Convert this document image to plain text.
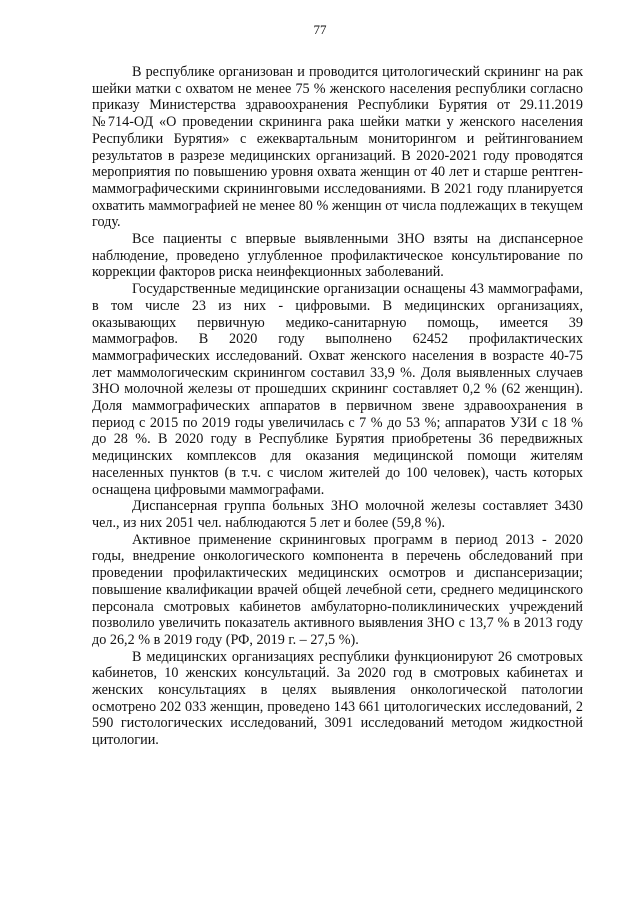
77

В республике организован и проводится цитологический скрининг на рак шейки матки с охватом не менее 75 % женского населения республики согласно приказу Министерства здравоохранения Республики Бурятия от 29.11.2019 №714-ОД «О проведении скрининга рака шейки матки у женского населения Республики Бурятия» с ежеквартальным мониторингом и рейтингованием результатов в разрезе медицинских организаций. В 2020-2021 году проводятся мероприятия по повышению уровня охвата женщин от 40 лет и старше рентген-маммографическими скрининговыми исследованиями. В 2021 году планируется охватить маммографией не менее 80 % женщин от числа подлежащих в текущем году.

Все пациенты с впервые выявленными ЗНО взяты на диспансерное наблюдение, проведено углубленное профилактическое консультирование по коррекции факторов риска неинфекционных заболеваний.

Государственные медицинские организации оснащены 43 маммографами, в том числе 23 из них - цифровыми. В медицинских организациях, оказывающих первичную медико-санитарную помощь, имеется 39 маммографов. В 2020 году выполнено 62452 профилактических маммографических исследований. Охват женского населения в возрасте 40-75 лет маммологическим скринингом составил 33,9 %. Доля выявленных случаев ЗНО молочной железы от прошедших скрининг составляет 0,2 % (62 женщин). Доля маммографических аппаратов в первичном звене здравоохранения в период с 2015 по 2019 годы увеличилась с 7 % до 53 %; аппаратов УЗИ с 18 % до 28 %. В 2020 году в Республике Бурятия приобретены 36 передвижных медицинских комплексов для оказания медицинской помощи жителям населенных пунктов (в т.ч. с числом жителей до 100 человек), часть которых оснащена цифровыми маммографами.

Диспансерная группа больных ЗНО молочной железы составляет 3430 чел., из них 2051 чел. наблюдаются 5 лет и более (59,8 %).

Активное применение скрининговых программ в период 2013 - 2020 годы, внедрение онкологического компонента в перечень обследований при проведении профилактических медицинских осмотров и диспансеризации; повышение квалификации врачей общей лечебной сети, среднего медицинского персонала смотровых кабинетов амбулаторно-поликлинических учреждений позволило увеличить показатель активного выявления ЗНО с 13,7 % в 2013 году до 26,2 % в 2019 году (РФ, 2019 г. – 27,5 %).

В медицинских организациях республики функционируют 26 смотровых кабинетов, 10 женских консультаций. За 2020 год в смотровых кабинетах и женских консультациях в целях выявления онкологической патологии осмотрено 202 033 женщин, проведено 143 661 цитологических исследований, 2 590 гистологических исследований, 3091 исследований методом жидкостной цитологии.
